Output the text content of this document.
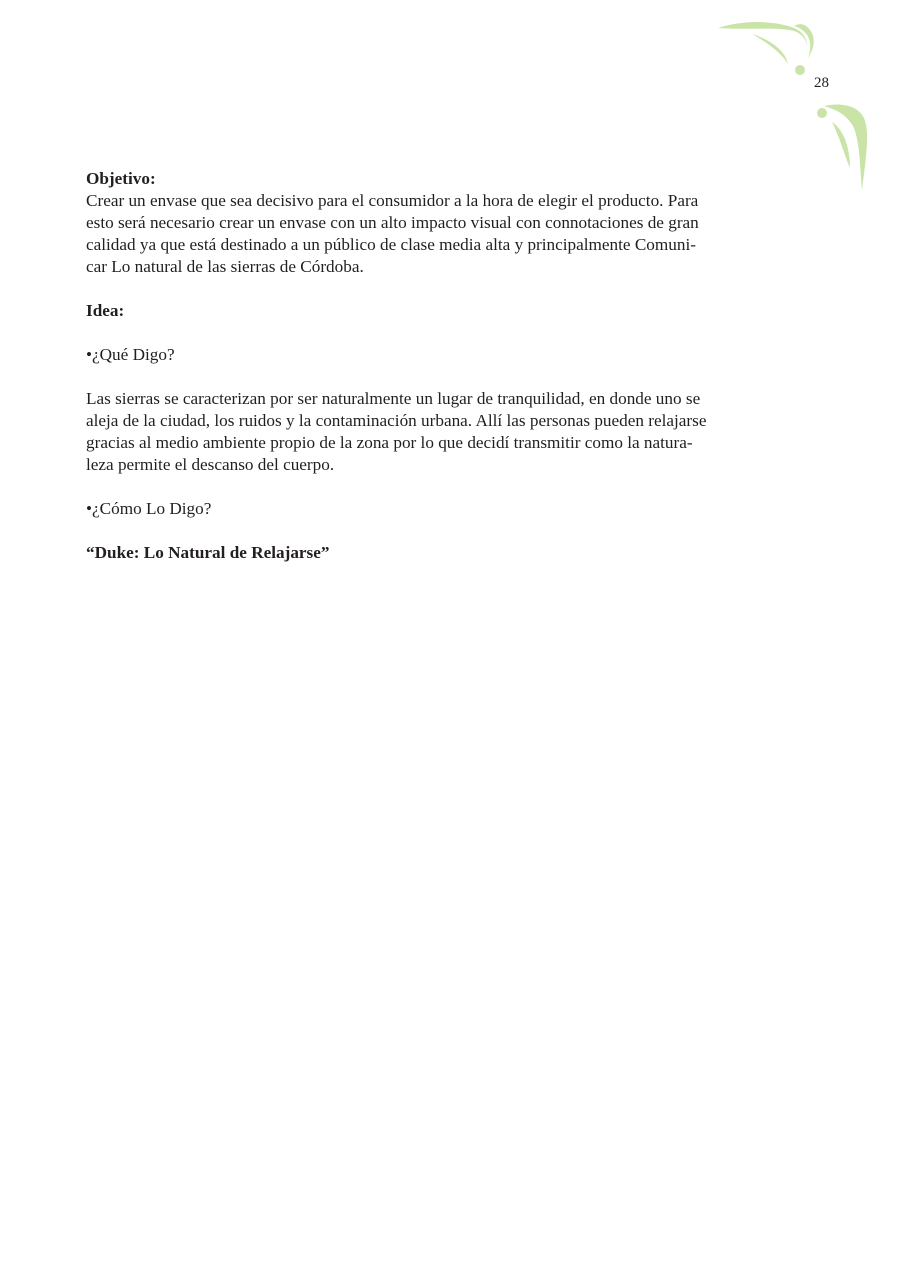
28

Objetivo:

Crear un envase que sea decisivo para el consumidor a la hora de elegir el producto. Para

esto será necesario crear un envase con un alto impacto visual con connotaciones de gran

calidad ya que está destinado a un público de clase media alta y principalmente Comuni-

car Lo natural de las sierras de Córdoba.

Idea:

•¿Qué Digo?

Las sierras se caracterizan por ser naturalmente un lugar de tranquilidad, en donde uno se

aleja de la ciudad, los ruidos y la contaminación urbana. Allí las personas pueden relajarse

gracias al medio ambiente propio de la zona por lo que decidí transmitir como la natura-

leza permite el descanso del cuerpo.

•¿Cómo Lo Digo?

“Duke: Lo Natural de Relajarse”
